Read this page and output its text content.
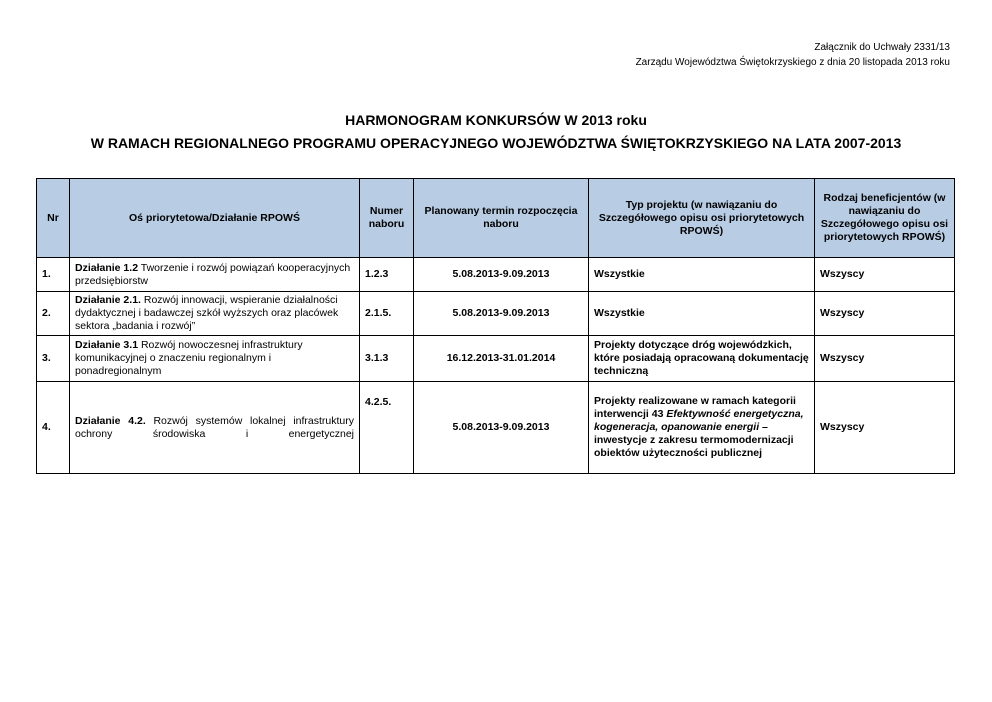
Załącznik do Uchwały 2331/13
Zarządu Województwa Świętokrzyskiego z dnia 20 listopada 2013 roku
HARMONOGRAM KONKURSÓW W 2013 roku
W RAMACH REGIONALNEGO PROGRAMU OPERACYJNEGO WOJEWÓDZTWA ŚWIĘTOKRZYSKIEGO NA LATA 2007-2013
Nr	Oś priorytetowa/Działanie RPOWŚ	Numer naboru	Planowany termin rozpoczęcia naboru	Typ projektu (w nawiązaniu do Szczegółowego opisu osi priorytetowych RPOWŚ)	Rodzaj beneficjentów (w nawiązaniu do Szczegółowego opisu osi priorytetowych RPOWŚ)
1.	Działanie 1.2 Tworzenie i rozwój powiązań kooperacyjnych przedsiębiorstw	1.2.3	5.08.2013-9.09.2013	Wszystkie	Wszyscy
2.	Działanie 2.1. Rozwój innowacji, wspieranie działalności dydaktycznej i badawczej szkół wyższych oraz placówek sektora „badania i rozwój”	2.1.5.	5.08.2013-9.09.2013	Wszystkie	Wszyscy
3.	Działanie 3.1 Rozwój nowoczesnej infrastruktury komunikacyjnej o znaczeniu regionalnym i ponadregionalnym	3.1.3	16.12.2013-31.01.2014	Projekty dotyczące dróg wojewódzkich, które posiadają opracowaną dokumentację techniczną	Wszyscy
4.	Działanie 4.2. Rozwój systemów lokalnej infrastruktury ochrony środowiska i energetycznej	4.2.5.	5.08.2013-9.09.2013	Projekty realizowane w ramach kategorii interwencji 43 Efektywność energetyczna, kogeneracja, opanowanie energii – inwestycje z zakresu termomodernizacji obiektów użyteczności publicznej	Wszyscy
